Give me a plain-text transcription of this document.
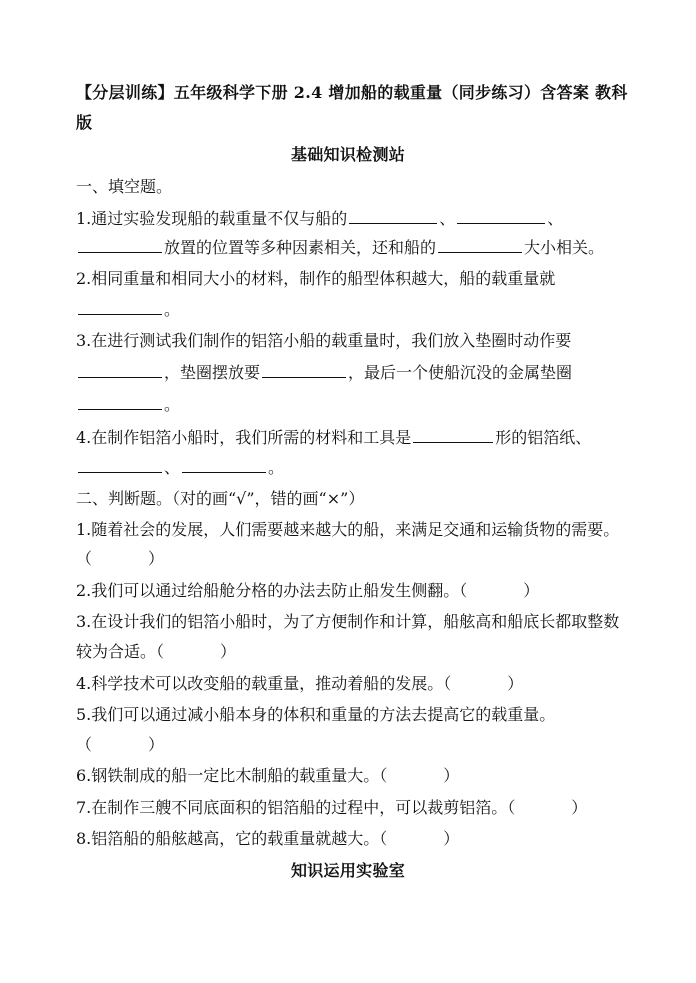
【分层训练】五年级科学下册 2.4 增加船的载重量（同步练习）含答案 教科
版
基础知识检测站
一、填空题。
1.通过实验发现船的载重量不仅与船的	、	、
放置的位置等多种因素相关，还和船的	大小相关。
2.相同重量和相同大小的材料，制作的船型体积越大，船的载重量就
。
3.在进行测试我们制作的铝箔小船的载重量时，我们放入垫圈时动作要
，垫圈摆放要	，最后一个使船沉没的金属垫圈
。
4.在制作铝箔小船时，我们所需的材料和工具是	形的铝箔纸、
、	。
二、判断题。（对的画“√”，错的画“×”）
1.随着社会的发展，人们需要越来越大的船，来满足交通和运输货物的需要。
（	）
2.我们可以通过给船舱分格的办法去防止船发生侧翻。（	）
3.在设计我们的铝箔小船时，为了方便制作和计算，船舷高和船底长都取整数
较为合适。（	）
4.科学技术可以改变船的载重量，推动着船的发展。（	）
5.我们可以通过减小船本身的体积和重量的方法去提高它的载重量。
（	）
6.钢铁制成的船一定比木制船的载重量大。（	）
7.在制作三艘不同底面积的铝箔船的过程中，可以裁剪铝箔。（	）
8.铝箔船的船舷越高，它的载重量就越大。（	）
知识运用实验室
